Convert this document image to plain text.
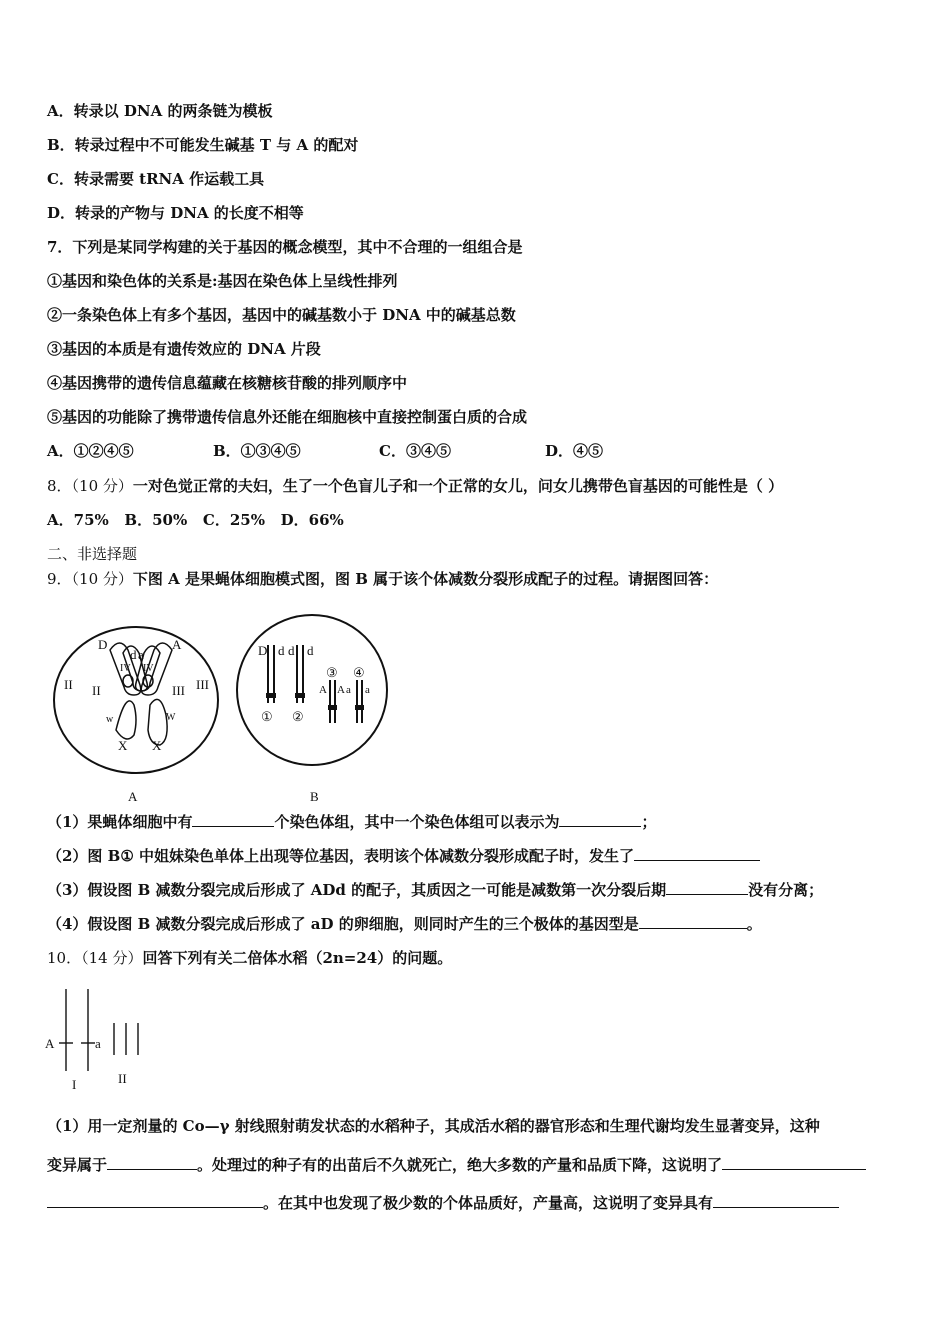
A．转录以 DNA 的两条链为模板
B．转录过程中不可能发生碱基 T 与 A 的配对
C．转录需要 tRNA 作运载工具
D．转录的产物与 DNA 的长度不相等
7．下列是某同学构建的关于基因的概念模型，其中不合理的一组组合是
①基因和染色体的关系是:基因在染色体上呈线性排列
②一条染色体上有多个基因，基因中的碱基数小于 DNA 中的碱基总数
③基因的本质是有遗传效应的 DNA 片段
④基因携带的遗传信息蕴藏在核糖核苷酸的排列顺序中
⑤基因的功能除了携带遗传信息外还能在细胞核中直接控制蛋白质的合成
A．①②④⑤	B．①③④⑤	C．③④⑤	D．④⑤
8．（10 分）一对色觉正常的夫妇，生了一个色盲儿子和一个正常的女儿，问女儿携带色盲基因的可能性是（ ）
A．75%   B．50%   C．25%   D．66%
二、非选择题
9．（10 分）下图 A 是果蝇体细胞模式图，图 B 属于该个体减数分裂形成配子的过程。请据图回答：
D
d a
A
II II
IV IV
III III
w	W
X X
A
D d d d
① ②
③ ④
A A a a
B
（1）果蝇体细胞中有	个染色体组，其中一个染色体组可以表示为	；
（2）图 B① 中姐妹染色单体上出现等位基因，表明该个体减数分裂形成配子时，发生了
（3）假设图 B 减数分裂完成后形成了 ADd 的配子，其质因之一可能是减数第一次分裂后期	没有分离；
（4）假设图 B 减数分裂完成后形成了 aD 的卵细胞，则同时产生的三个极体的基因型是	。
10．（14 分）回答下列有关二倍体水稻（2n=24）的问题。
A	a
I	II
（1）用一定剂量的 Co—γ 射线照射萌发状态的水稻种子，其成活水稻的器官形态和生理代谢均发生显著变异，这种
变异属于	。处理过的种子有的出苗后不久就死亡，绝大多数的产量和品质下降，这说明了
。在其中也发现了极少数的个体品质好，产量高，这说明了变异具有
